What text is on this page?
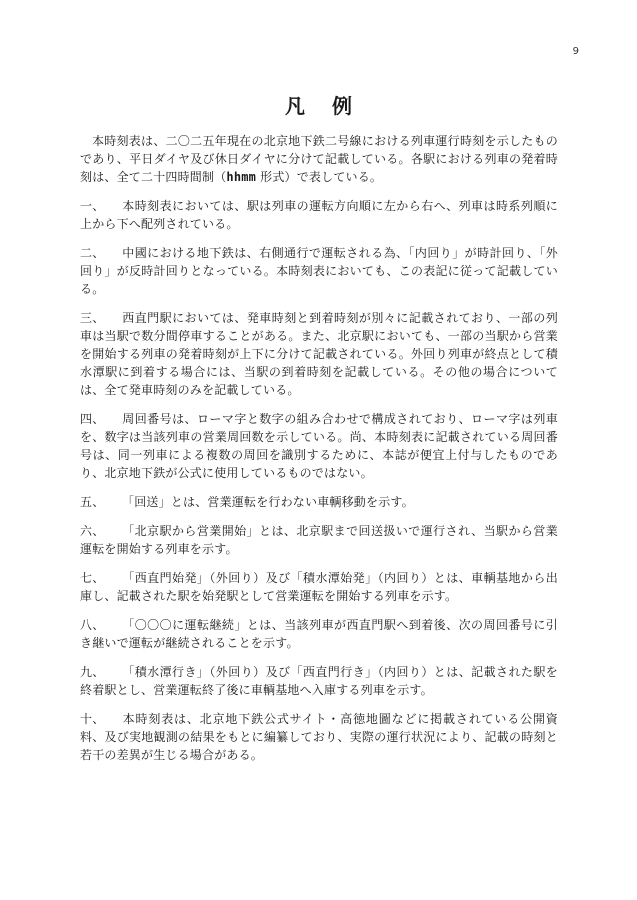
9
凡 例

本時刻表は、二〇二五年現在の北京地下鉄二号線における列車運行時刻を示したものであり、平日ダイヤ及び休日ダイヤに分けて記載している。各駅における列車の発着時刻は、全て二十四時間制（hhmm 形式）で表している。

一、 本時刻表においては、駅は列車の運転方向順に左から右へ、列車は時系列順に上から下へ配列されている。

二、 中國における地下鉄は、右側通行で運転される為、「内回り」が時計回り、「外回り」が反時計回りとなっている。本時刻表においても、この表記に従って記載している。

三、 西直門駅においては、発車時刻と到着時刻が別々に記載されており、一部の列車は当駅で数分間停車することがある。また、北京駅においても、一部の当駅から営業を開始する列車の発着時刻が上下に分けて記載されている。外回り列車が終点として積水潭駅に到着する場合には、当駅の到着時刻を記載している。その他の場合については、全て発車時刻のみを記載している。

四、 周回番号は、ローマ字と数字の組み合わせで構成されており、ローマ字は列車を、数字は当該列車の営業周回数を示している。尚、本時刻表に記載されている周回番号は、同一列車による複数の周回を識別するために、本誌が便宜上付与したものであり、北京地下鉄が公式に使用しているものではない。

五、 「回送」とは、営業運転を行わない車輌移動を示す。

六、 「北京駅から営業開始」とは、北京駅まで回送扱いで運行され、当駅から営業運転を開始する列車を示す。

七、 「西直門始発」（外回り）及び「積水潭始発」（内回り）とは、車輌基地から出庫し、記載された駅を始発駅として営業運転を開始する列車を示す。

八、 「〇〇〇に運転継続」とは、当該列車が西直門駅へ到着後、次の周回番号に引き継いで運転が継続されることを示す。

九、 「積水潭行き」（外回り）及び「西直門行き」（内回り）とは、記載された駅を終着駅とし、営業運転終了後に車輌基地へ入庫する列車を示す。

十、 本時刻表は、北京地下鉄公式サイト・高徳地圖などに掲載されている公開資料、及び実地観測の結果をもとに編纂しており、実際の運行状況により、記載の時刻と若干の差異が生じる場合がある。
